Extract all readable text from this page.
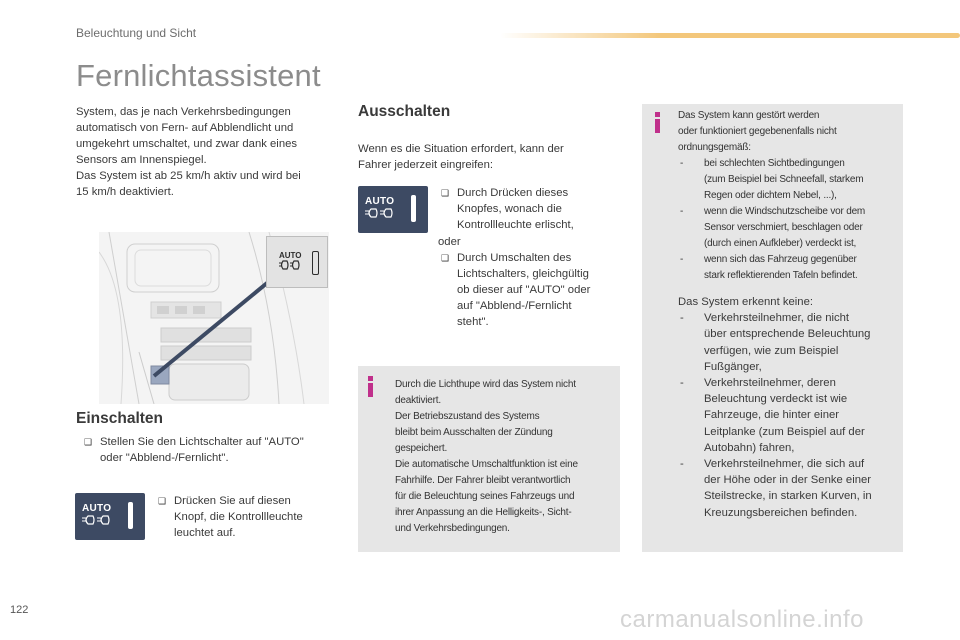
Beleuchtung und Sicht
Fernlichtassistent
System, das je nach Verkehrsbedingungen
automatisch von Fern- auf Abblendlicht und
umgekehrt umschaltet, und zwar dank eines
Sensors am Innenspiegel.
Das System ist ab 25 km/h aktiv und wird bei
15 km/h deaktiviert.
AUTO
Einschalten
❑ Stellen Sie den Lichtschalter auf "AUTO"
oder "Abblend-/Fernlicht".
AUTO
❑ Drücken Sie auf diesen
Knopf, die Kontrollleuchte
leuchtet auf.
Ausschalten
Wenn es die Situation erfordert, kann der
Fahrer jederzeit eingreifen:
AUTO
❑ Durch Drücken dieses
Knopfes, wonach die
Kontrollleuchte erlischt,
oder
❑ Durch Umschalten des
Lichtschalters, gleichgültig
ob dieser auf "AUTO" oder
auf "Abblend-/Fernlicht
steht".
Durch die Lichthupe wird das System nicht
deaktiviert.
Der Betriebszustand des Systems
bleibt beim Ausschalten der Zündung
gespeichert.
Die automatische Umschaltfunktion ist eine
Fahrhilfe. Der Fahrer bleibt verantwortlich
für die Beleuchtung seines Fahrzeugs und
ihrer Anpassung an die Helligkeits-, Sicht-
und Verkehrsbedingungen.
Das System kann gestört werden
oder funktioniert gegebenenfalls nicht
ordnungsgemäß:
- bei schlechten Sichtbedingungen
(zum Beispiel bei Schneefall, starkem
Regen oder dichtem Nebel, ...),
- wenn die Windschutzscheibe vor dem
Sensor verschmiert, beschlagen oder
(durch einen Aufkleber) verdeckt ist,
- wenn sich das Fahrzeug gegenüber
stark reflektierenden Tafeln befindet.
Das System erkennt keine:
- Verkehrsteilnehmer, die nicht
über entsprechende Beleuchtung
verfügen, wie zum Beispiel
Fußgänger,
- Verkehrsteilnehmer, deren
Beleuchtung verdeckt ist wie
Fahrzeuge, die hinter einer
Leitplanke (zum Beispiel auf der
Autobahn) fahren,
- Verkehrsteilnehmer, die sich auf
der Höhe oder in der Senke einer
Steilstrecke, in starken Kurven, in
Kreuzungsbereichen befinden.
122	carmanualsonline.info
